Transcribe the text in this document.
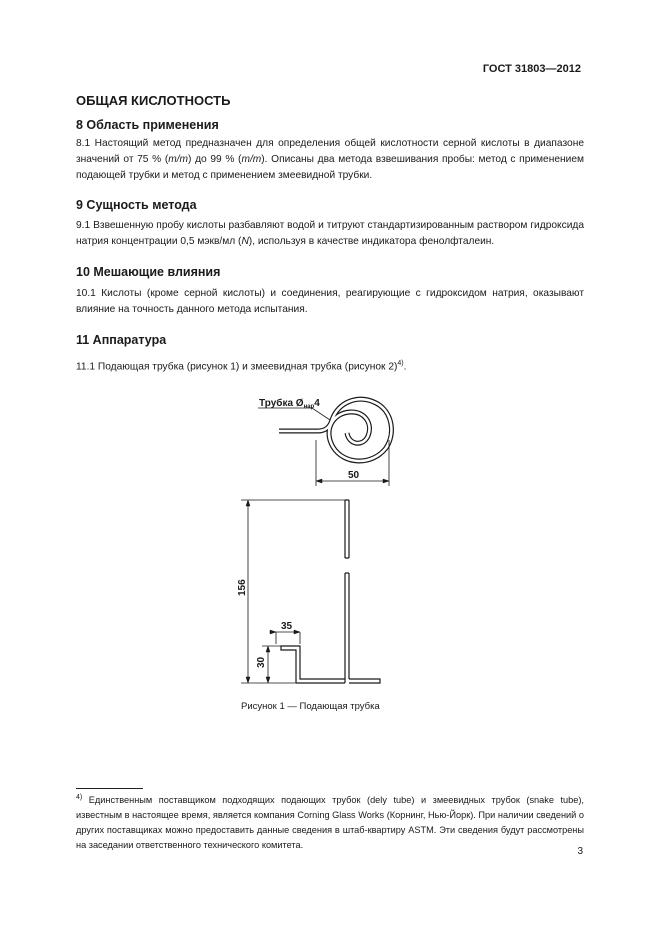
ГОСТ 31803—2012
ОБЩАЯ КИСЛОТНОСТЬ
8 Область применения
8.1 Настоящий метод предназначен для определения общей кислотности серной кислоты в диапазоне значений от 75 % (m/m) до 99 % (m/m). Описаны два метода взвешивания пробы: метод с применением подающей трубки и метод с применением змеевидной трубки.
9 Сущность метода
9.1 Взвешенную пробу кислоты разбавляют водой и титруют стандартизированным раствором гидроксида натрия концентрации 0,5 мэкв/мл (N), используя в качестве индикатора фенолфталеин.
10 Мешающие влияния
10.1 Кислоты (кроме серной кислоты) и соединения, реагирующие с гидроксидом натрия, оказывают влияние на точность данного метода испытания.
11 Аппаратура
11.1 Подающая трубка (рисунок 1) и змеевидная трубка (рисунок 2)$^{4)}$.
Трубка $Ø_{нар}4$
50
156
35
30
Рисунок 1 — Подающая трубка
$^{4)}$ Единственным поставщиком подходящих подающих трубок (dely tube) и змеевидных трубок (snake tube), известным в настоящее время, является компания Corning Glass Works (Корнинг, Нью-Йорк). При наличии сведений о других поставщиках можно предоставить данные сведения в штаб-квартиру ASTM. Эти сведения будут рассмотрены на заседании ответственного технического комитета.
3
